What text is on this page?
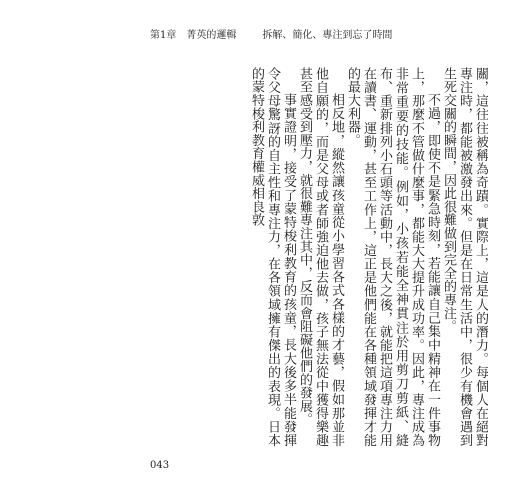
第1章　菁英的邏輯	拆解、簡化、專注到忘了時間

關，這往往被稱為奇蹟。實際上，這是人的潛力。每個人在絕對專注時，都能被激發出來。但是在日常生活中，很少有機會遇到生死交關的瞬間，因此很難做到完全的專注。

不過，即使不是緊急時刻，若能讓自己集中精神在一件事物上，那麼不管做什麼事，都能大大提升成功率。因此，專注成為非常重要的技能。例如，小孩若能全神貫注於用剪刀剪紙、縫布、重新排列小石頭等活動中，長大之後，就能把這項專注力用在讀書、運動，甚至工作上，這正是他們能在各種領域發揮才能的最大利器。

相反地，縱然讓孩童從小學習各式各樣的才藝，假如那並非他自願的，而是父母或者師強迫他去做，孩子無法從中獲得樂趣甚至感受到壓力，就很難專注其中，反而會阻礙他們的發展。

事實證明，接受了蒙特梭利教育的孩童，長大後多半能發揮令父母驚訝的自主性和專注力，在各領域擁有傑出的表現。日本的蒙特梭利教育權威相良敦

043
